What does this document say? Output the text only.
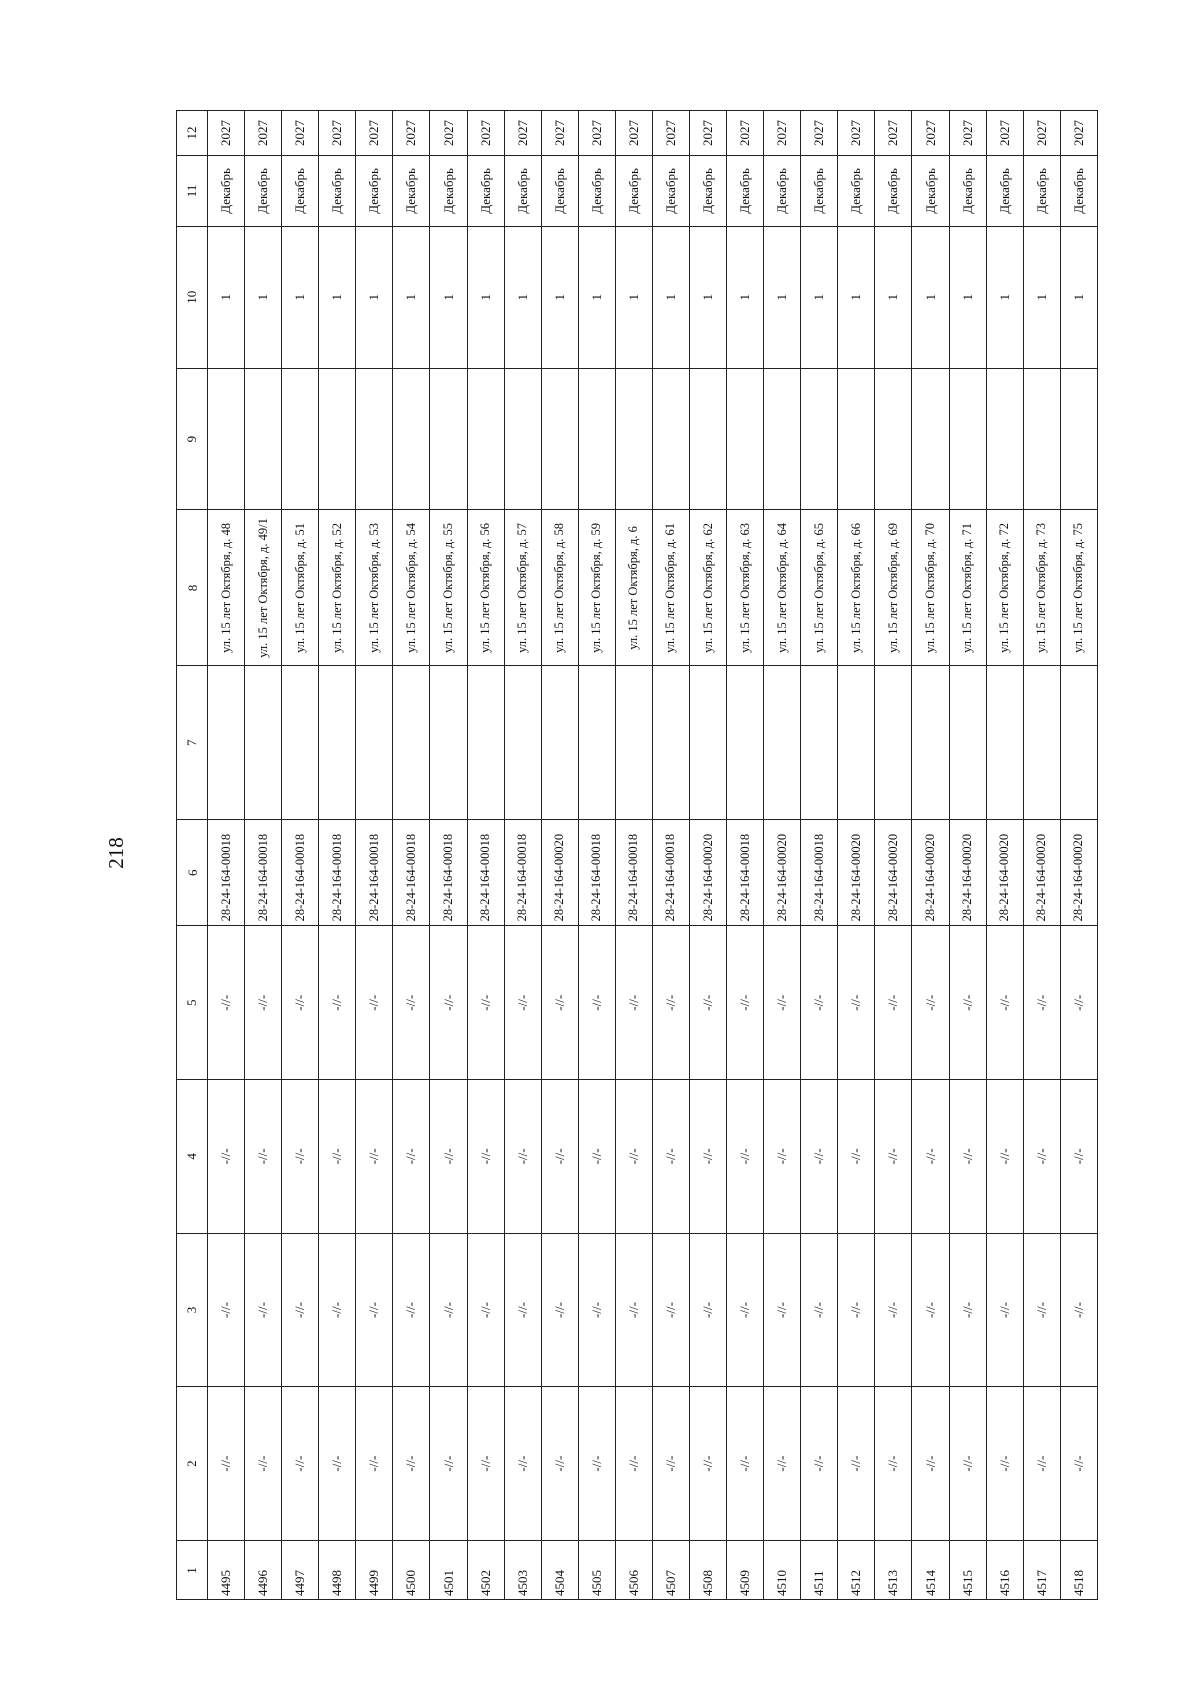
218
1	2	3	4	5	6	7	8	9	10	11	12
4495	-//-	-//-	-//-	-//-	28-24-164-00018		ул. 15 лет Октября, д. 48		1	Декабрь	2027
4496	-//-	-//-	-//-	-//-	28-24-164-00018		ул. 15 лет Октября, д. 49/1		1	Декабрь	2027
4497	-//-	-//-	-//-	-//-	28-24-164-00018		ул. 15 лет Октября, д. 51		1	Декабрь	2027
4498	-//-	-//-	-//-	-//-	28-24-164-00018		ул. 15 лет Октября, д. 52		1	Декабрь	2027
4499	-//-	-//-	-//-	-//-	28-24-164-00018		ул. 15 лет Октября, д. 53		1	Декабрь	2027
4500	-//-	-//-	-//-	-//-	28-24-164-00018		ул. 15 лет Октября, д. 54		1	Декабрь	2027
4501	-//-	-//-	-//-	-//-	28-24-164-00018		ул. 15 лет Октября, д. 55		1	Декабрь	2027
4502	-//-	-//-	-//-	-//-	28-24-164-00018		ул. 15 лет Октября, д. 56		1	Декабрь	2027
4503	-//-	-//-	-//-	-//-	28-24-164-00018		ул. 15 лет Октября, д. 57		1	Декабрь	2027
4504	-//-	-//-	-//-	-//-	28-24-164-00020		ул. 15 лет Октября, д. 58		1	Декабрь	2027
4505	-//-	-//-	-//-	-//-	28-24-164-00018		ул. 15 лет Октября, д. 59		1	Декабрь	2027
4506	-//-	-//-	-//-	-//-	28-24-164-00018		ул. 15 лет Октября, д. 6		1	Декабрь	2027
4507	-//-	-//-	-//-	-//-	28-24-164-00018		ул. 15 лет Октября, д. 61		1	Декабрь	2027
4508	-//-	-//-	-//-	-//-	28-24-164-00020		ул. 15 лет Октября, д. 62		1	Декабрь	2027
4509	-//-	-//-	-//-	-//-	28-24-164-00018		ул. 15 лет Октября, д. 63		1	Декабрь	2027
4510	-//-	-//-	-//-	-//-	28-24-164-00020		ул. 15 лет Октября, д. 64		1	Декабрь	2027
4511	-//-	-//-	-//-	-//-	28-24-164-00018		ул. 15 лет Октября, д. 65		1	Декабрь	2027
4512	-//-	-//-	-//-	-//-	28-24-164-00020		ул. 15 лет Октября, д. 66		1	Декабрь	2027
4513	-//-	-//-	-//-	-//-	28-24-164-00020		ул. 15 лет Октября, д. 69		1	Декабрь	2027
4514	-//-	-//-	-//-	-//-	28-24-164-00020		ул. 15 лет Октября, д. 70		1	Декабрь	2027
4515	-//-	-//-	-//-	-//-	28-24-164-00020		ул. 15 лет Октября, д. 71		1	Декабрь	2027
4516	-//-	-//-	-//-	-//-	28-24-164-00020		ул. 15 лет Октября, д. 72		1	Декабрь	2027
4517	-//-	-//-	-//-	-//-	28-24-164-00020		ул. 15 лет Октября, д. 73		1	Декабрь	2027
4518	-//-	-//-	-//-	-//-	28-24-164-00020		ул. 15 лет Октября, д. 75		1	Декабрь	2027
